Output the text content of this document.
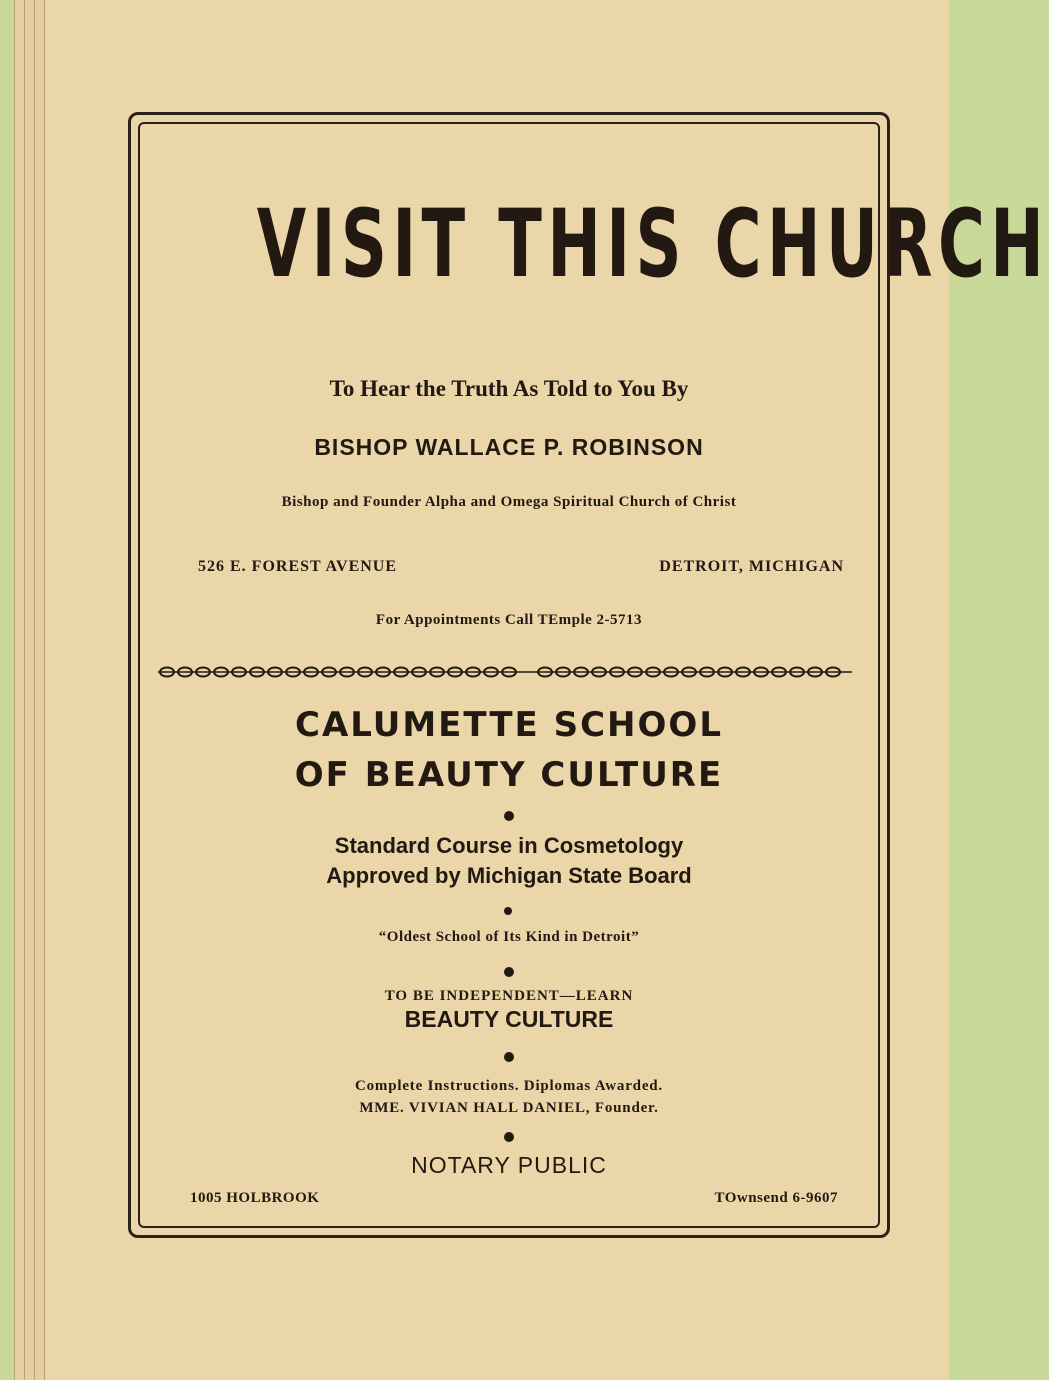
VISIT THIS CHURCH

To Hear the Truth As Told to You By

BISHOP WALLACE P. ROBINSON

Bishop and Founder Alpha and Omega Spiritual Church of Christ

526 E. FOREST AVENUE	DETROIT, MICHIGAN

For Appointments Call TEmple 2-5713

CALUMETTE SCHOOL
OF BEAUTY CULTURE

Standard Course in Cosmetology
Approved by Michigan State Board

“Oldest School of Its Kind in Detroit”

TO BE INDEPENDENT—LEARN

BEAUTY CULTURE

Complete Instructions. Diplomas Awarded.
MME. VIVIAN HALL DANIEL, Founder.

NOTARY PUBLIC

1005 HOLBROOK	TOwnsend 6-9607
